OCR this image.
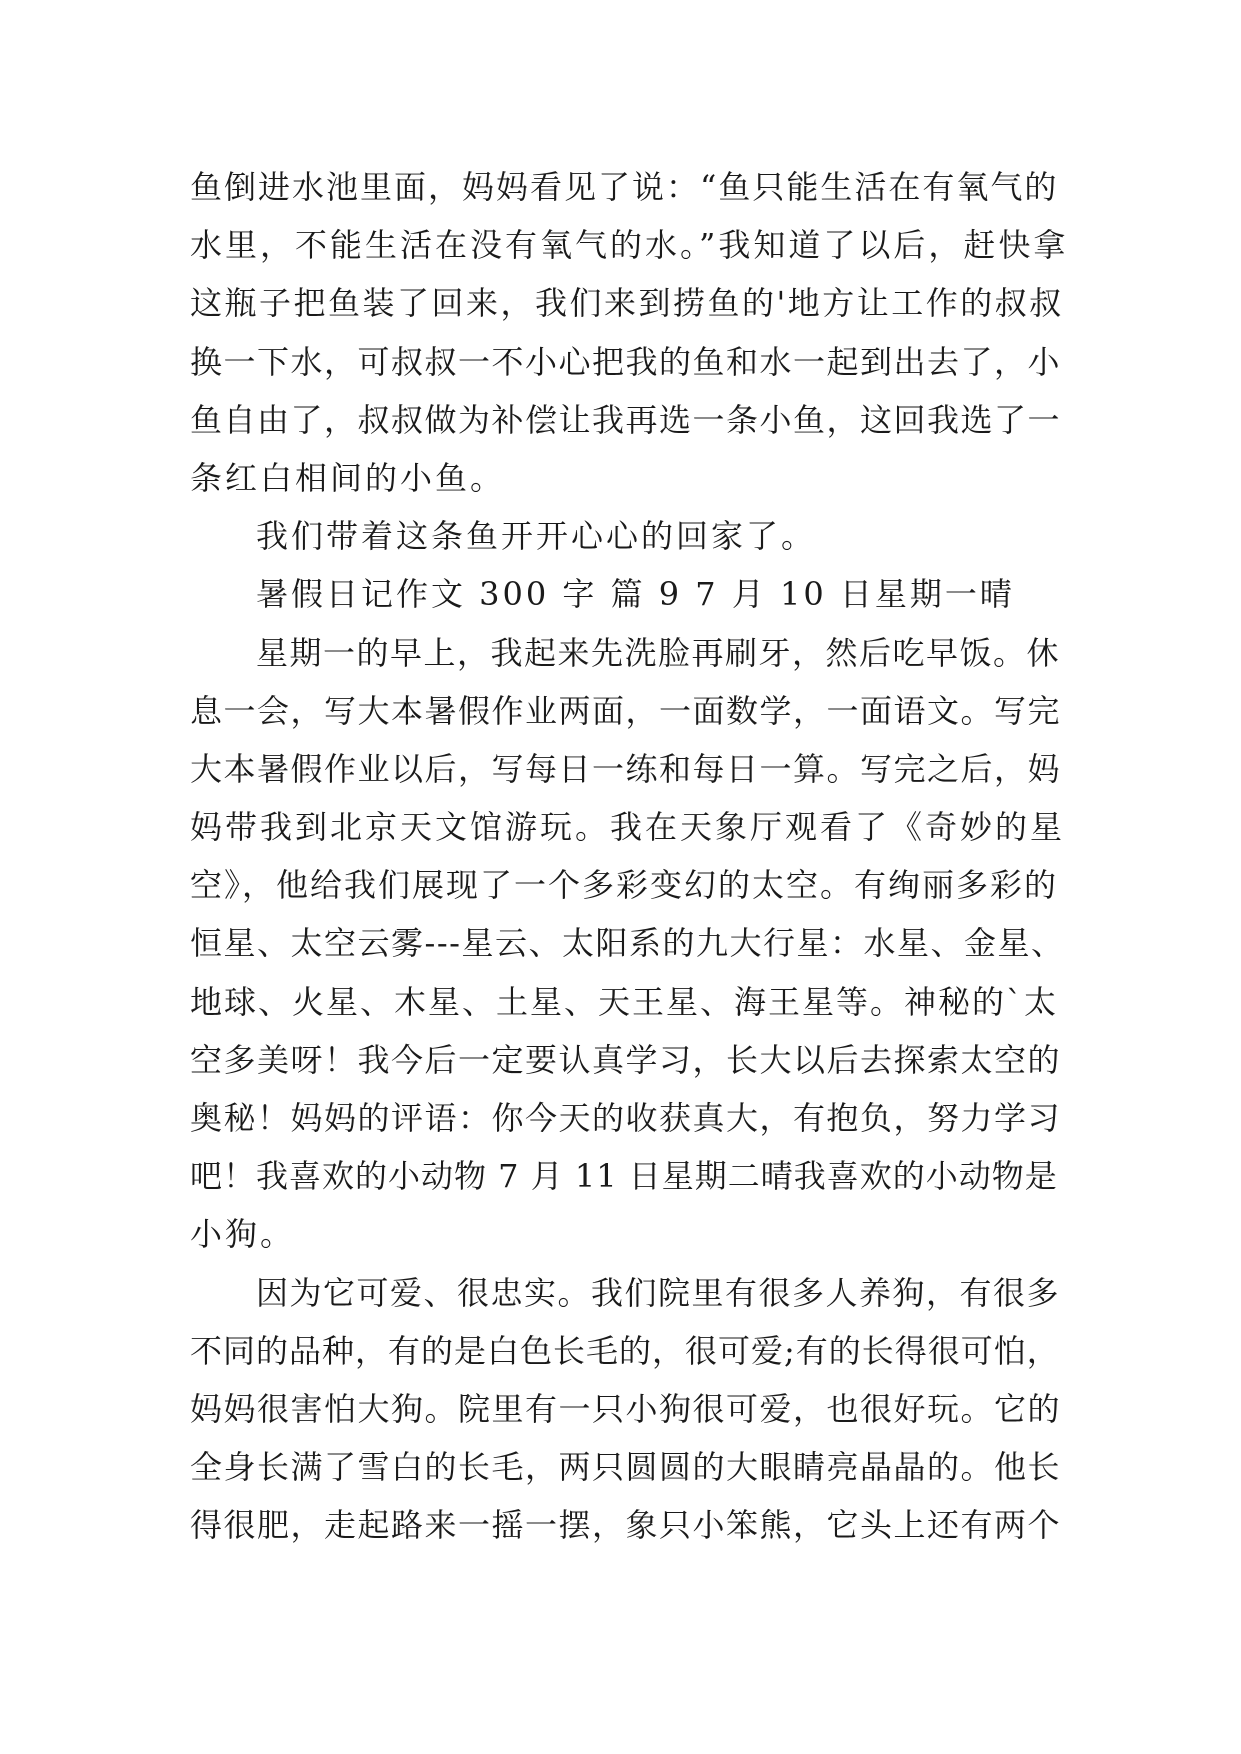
鱼倒进水池里面，妈妈看见了说：“鱼只能生活在有氧气的
水里，不能生活在没有氧气的水。”我知道了以后，赶快拿
这瓶子把鱼装了回来，我们来到捞鱼的'地方让工作的叔叔
换一下水，可叔叔一不小心把我的鱼和水一起到出去了，小
鱼自由了，叔叔做为补偿让我再选一条小鱼，这回我选了一
条红白相间的小鱼。
我们带着这条鱼开开心心的回家了。
暑假日记作文 300 字 篇 9 7 月 10 日星期一晴
星期一的早上，我起来先洗脸再刷牙，然后吃早饭。休
息一会，写大本暑假作业两面，一面数学，一面语文。写完
大本暑假作业以后，写每日一练和每日一算。写完之后，妈
妈带我到北京天文馆游玩。我在天象厅观看了《奇妙的星
空》，他给我们展现了一个多彩变幻的太空。有绚丽多彩的
恒星、太空云雾---星云、太阳系的九大行星：水星、金星、
地球、火星、木星、土星、天王星、海王星等。神秘的`太
空多美呀！我今后一定要认真学习，长大以后去探索太空的
奥秘！妈妈的评语：你今天的收获真大，有抱负，努力学习
吧！我喜欢的小动物 7 月 11 日星期二晴我喜欢的小动物是
小狗。
因为它可爱、很忠实。我们院里有很多人养狗，有很多
不同的品种，有的是白色长毛的，很可爱;有的长得很可怕，
妈妈很害怕大狗。院里有一只小狗很可爱，也很好玩。它的
全身长满了雪白的长毛，两只圆圆的大眼睛亮晶晶的。他长
得很肥，走起路来一摇一摆，象只小笨熊，它头上还有两个
